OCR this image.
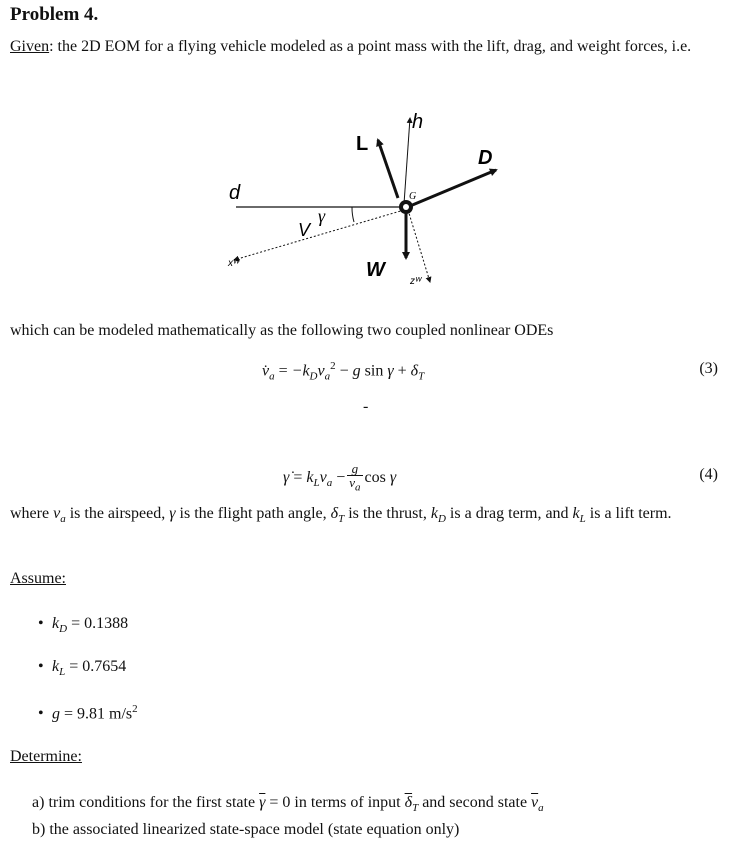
Problem 4.
Given: the 2D EOM for a flying vehicle modeled as a point mass with the lift, drag, and weight forces, i.e.
L
h
D
d	G
V
γ
xᵂ	W
zᵂ
which can be modeled mathematically as the following two coupled nonlinear ODEs
$v̇_a = -k_Dv_a^2 - g$ $\sin \gamma + \delta_T$	(3)
-
γ̇ = $k_Lv_a - \frac{g}{v_a}$ cos γ	(4)
where $v_a$ is the airspeed, γ is the flight path angle, $\delta_T$ is the thrust, $k_D$ is a drag term, and $k_L$ is a lift term.
Assume:
• $k_D = 0.1388$
• $k_L = 0.7654$
• g = 9.81 $m/s^2$
Determine:
a) trim conditions for the first state $\overline{\gamma} = 0$ in terms of input $\overline{\delta}_T$ and second state $\overline{v}_a$
b) the associated linearized state-space model (state equation only)
